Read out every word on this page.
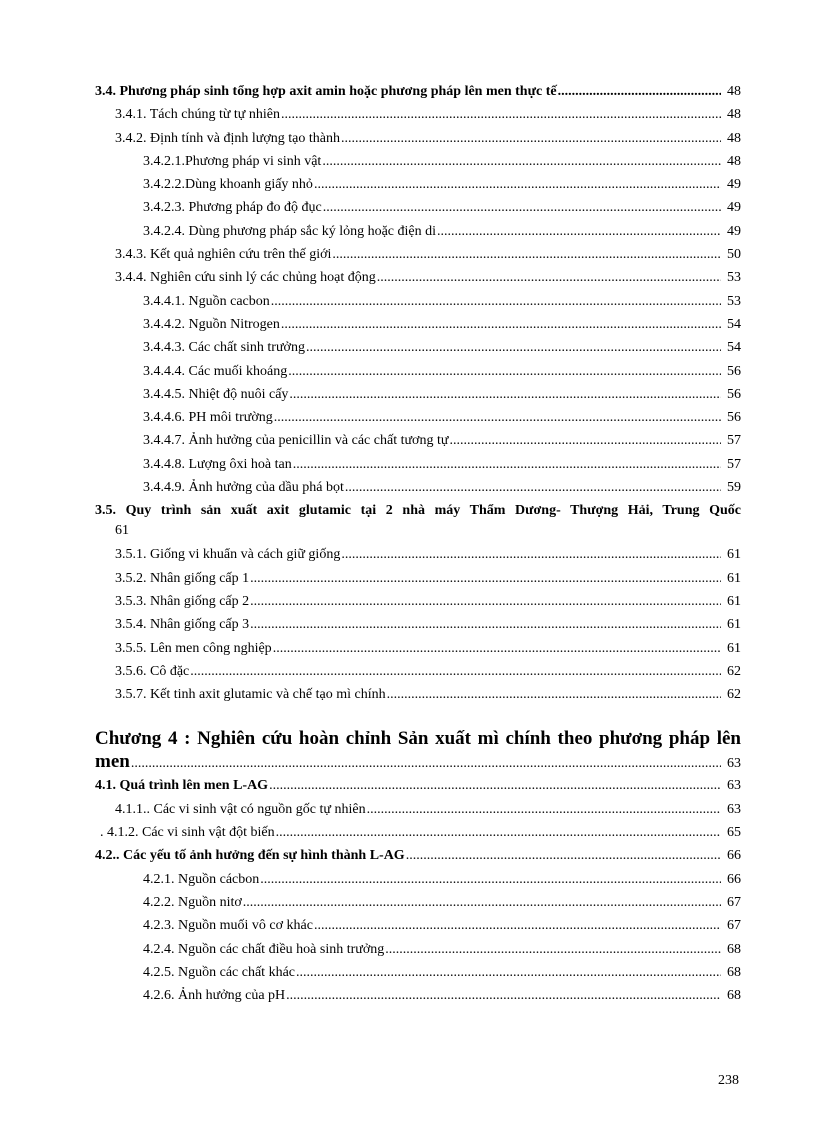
3.4. Phương pháp sinh tổng hợp axit amin hoặc phương pháp lên men thực tế .....	48
3.4.1. Tách chúng từ tự nhiên .....	48
3.4.2. Định tính và định lượng tạo thành .....	48
3.4.2.1.Phương pháp vi sinh vật .....	48
3.4.2.2.Dùng khoanh giấy nhỏ .....	49
3.4.2.3. Phương pháp đo độ đục .....	49
3.4.2.4. Dùng phương pháp sắc ký lỏng hoặc điện di .....	49
3.4.3. Kết quả nghiên cứu trên thế giới .....	50
3.4.4. Nghiên cứu sinh lý các chủng hoạt động .....	53
3.4.4.1. Nguồn cacbon .....	53
3.4.4.2. Nguồn Nitrogen .....	54
3.4.4.3. Các chất sinh trưởng .....	54
3.4.4.4. Các muối khoáng .....	56
3.4.4.5. Nhiệt độ nuôi cấy .....	56
3.4.4.6. PH môi trường .....	56
3.4.4.7. Ảnh hưởng của penicillin và các chất tương tự .....	57
3.4.4.8. Lượng ôxi hoà tan .....	57
3.4.4.9. Ảnh hưởng của dầu phá bọt .....	59
3.5. Quy trình sản xuất axit glutamic tại 2 nhà máy Thẩm Dương- Thượng Hải, Trung Quốc
61
3.5.1. Giống vi khuẩn và cách giữ giống .....	61
3.5.2. Nhân giống cấp 1 .....	61
3.5.3. Nhân giống cấp 2 .....	61
3.5.4. Nhân giống cấp 3 .....	61
3.5.5. Lên men công nghiệp .....	61
3.5.6. Cô đặc .....	62
3.5.7. Kết tinh axit glutamic và chế tạo mì chính .....	62
Chương 4 : Nghiên cứu hoàn chỉnh Sản xuất mì chính theo phương pháp lên
men .....	63
4.1. Quá trình lên men L-AG .....	63
4.1.1.. Các vi sinh vật có nguồn gốc tự nhiên .....	63
. 4.1.2. Các vi sinh vật đột biến .....	65
4.2.. Các yếu tố ảnh hưởng đến sự hình thành L-AG .....	66
4.2.1. Nguồn cácbon .....	66
4.2.2. Nguồn nitơ .....	67
4.2.3. Nguồn muối vô cơ khác .....	67
4.2.4. Nguồn các chất điều hoà sinh trưởng .....	68
4.2.5. Nguồn các chất khác .....	68
4.2.6. Ảnh hưởng của pH .....	68
238
